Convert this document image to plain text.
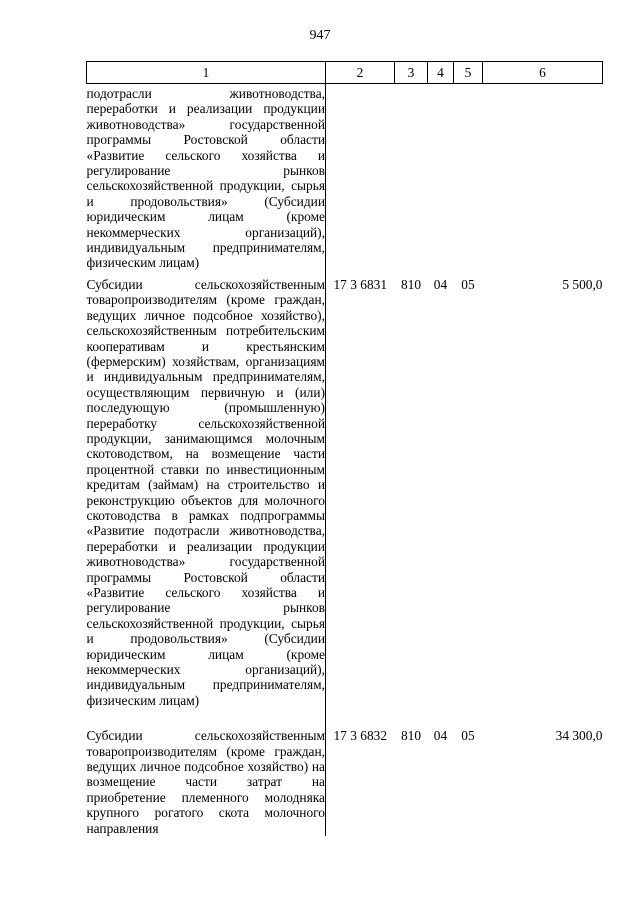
947
1	2	3	4	5	6
подотрасли животноводства, переработки и реализации продукции животноводства» государственной программы Ростовской области «Развитие сельского хозяйства и регулирование рынков сельскохозяйственной продукции, сырья и продовольствия» (Субсидии юридическим лицам (кроме некоммерческих организаций), индивидуальным предпринимателям, физическим лицам)					
Субсидии сельскохозяйственным товаропроизводителям (кроме граждан, ведущих личное подсобное хозяйство), сельскохозяйственным потребительским кооперативам и крестьянским (фермерским) хозяйствам, организациям и индивидуальным предпринимателям, осуществляющим первичную и (или) последующую (промышленную) переработку сельскохозяйственной продукции, занимающимся молочным скотоводством, на возмещение части процентной ставки по инвестиционным кредитам (займам) на строительство и реконструкцию объектов для молочного скотоводства в рамках подпрограммы «Развитие подотрасли животноводства, переработки и реализации продукции животноводства» государственной программы Ростовской области «Развитие сельского хозяйства и регулирование рынков сельскохозяйственной продукции, сырья и продовольствия» (Субсидии юридическим лицам (кроме некоммерческих организаций), индивидуальным предпринимателям, физическим лицам)	17 3 6831	810	04	05	5 500,0
Субсидии сельскохозяйственным товаропроизводителям (кроме граждан, ведущих личное подсобное хозяйство) на возмещение части затрат на приобретение племенного молодняка крупного рогатого скота молочного направления	17 3 6832	810	04	05	34 300,0
